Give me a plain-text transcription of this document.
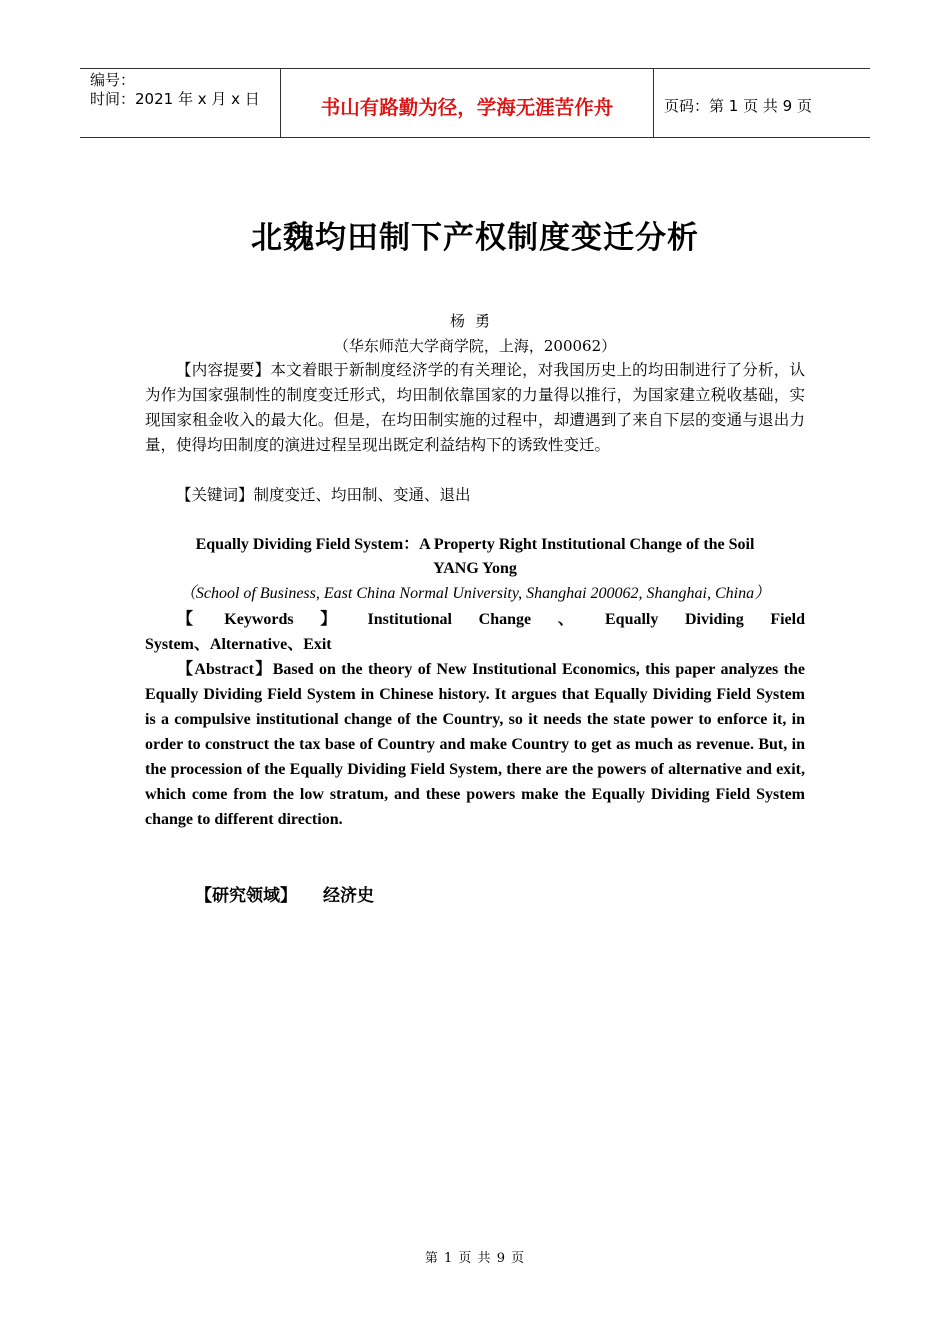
编号：
时间：2021 年 x 月 x 日	书山有路勤为径，学海无涯苦作舟	页码：第 1 页 共 9 页
北魏均田制下产权制度变迁分析
杨勇
（华东师范大学商学院，上海，200062）
【内容提要】本文着眼于新制度经济学的有关理论，对我国历史上的均田制进行了分析，认为作为国家强制性的制度变迁形式，均田制依靠国家的力量得以推行，为国家建立税收基础，实现国家租金收入的最大化。但是，在均田制实施的过程中，却遭遇到了来自下层的变通与退出力量，使得均田制度的演进过程呈现出既定利益结构下的诱致性变迁。
【关键词】制度变迁、均田制、变通、退出
Equally Dividing Field System：A Property Right Institutional Change of the Soil
YANG Yong
（School of Business, East China Normal University, Shanghai 200062, Shanghai, China）
【 Keywords 】 Institutional Change 、 Equally Dividing Field System、Alternative、Exit
【Abstract】Based on the theory of New Institutional Economics, this paper analyzes the Equally Dividing Field System in Chinese history. It argues that Equally Dividing Field System is a compulsive institutional change of the Country, so it needs the state power to enforce it, in order to construct the tax base of Country and make Country to get as much as revenue. But, in the procession of the Equally Dividing Field System, there are the powers of alternative and exit, which come from the low stratum, and these powers make the Equally Dividing Field System change to different direction.
【研究领域】 经济史
第 1 页 共 9 页
